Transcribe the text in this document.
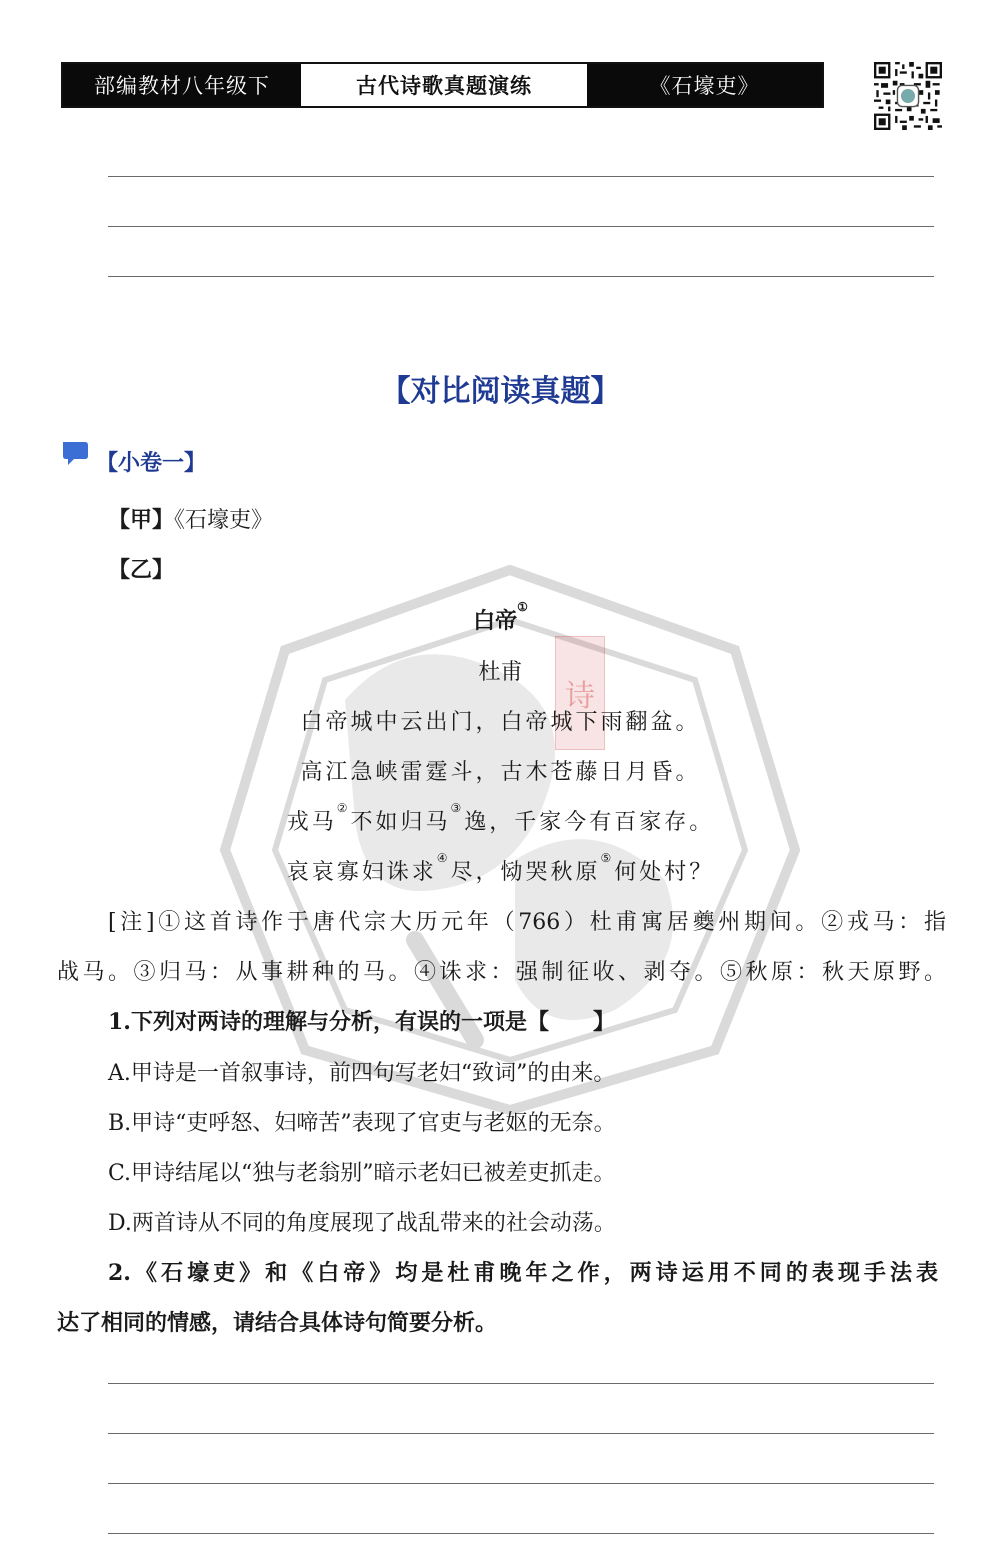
部编教材八年级下	古代诗歌真题演练	《石壕吏》
诗
【对比阅读真题】
【小卷一】
【甲】《石壕吏》
【乙】
白帝①
杜甫
白帝城中云出门，白帝城下雨翻盆。
高江急峡雷霆斗，古木苍藤日月昏。
戎马②不如归马③逸，千家今有百家存。
哀哀寡妇诛求④尽，恸哭秋原⑤何处村？
[注]①这首诗作于唐代宗大历元年（766）杜甫寓居夔州期间。②戎马：指
战马。③归马：从事耕种的马。④诛求：强制征收、剥夺。⑤秋原：秋天原野。
1.下列对两诗的理解与分析，有误的一项是【　　】
A.甲诗是一首叙事诗，前四句写老妇“致词”的由来。
B.甲诗“吏呼怒、妇啼苦”表现了官吏与老妪的无奈。
C.甲诗结尾以“独与老翁别”暗示老妇已被差吏抓走。
D.两首诗从不同的角度展现了战乱带来的社会动荡。
2.《石壕吏》和《白帝》均是杜甫晚年之作，两诗运用不同的表现手法表
达了相同的情感，请结合具体诗句简要分析。
